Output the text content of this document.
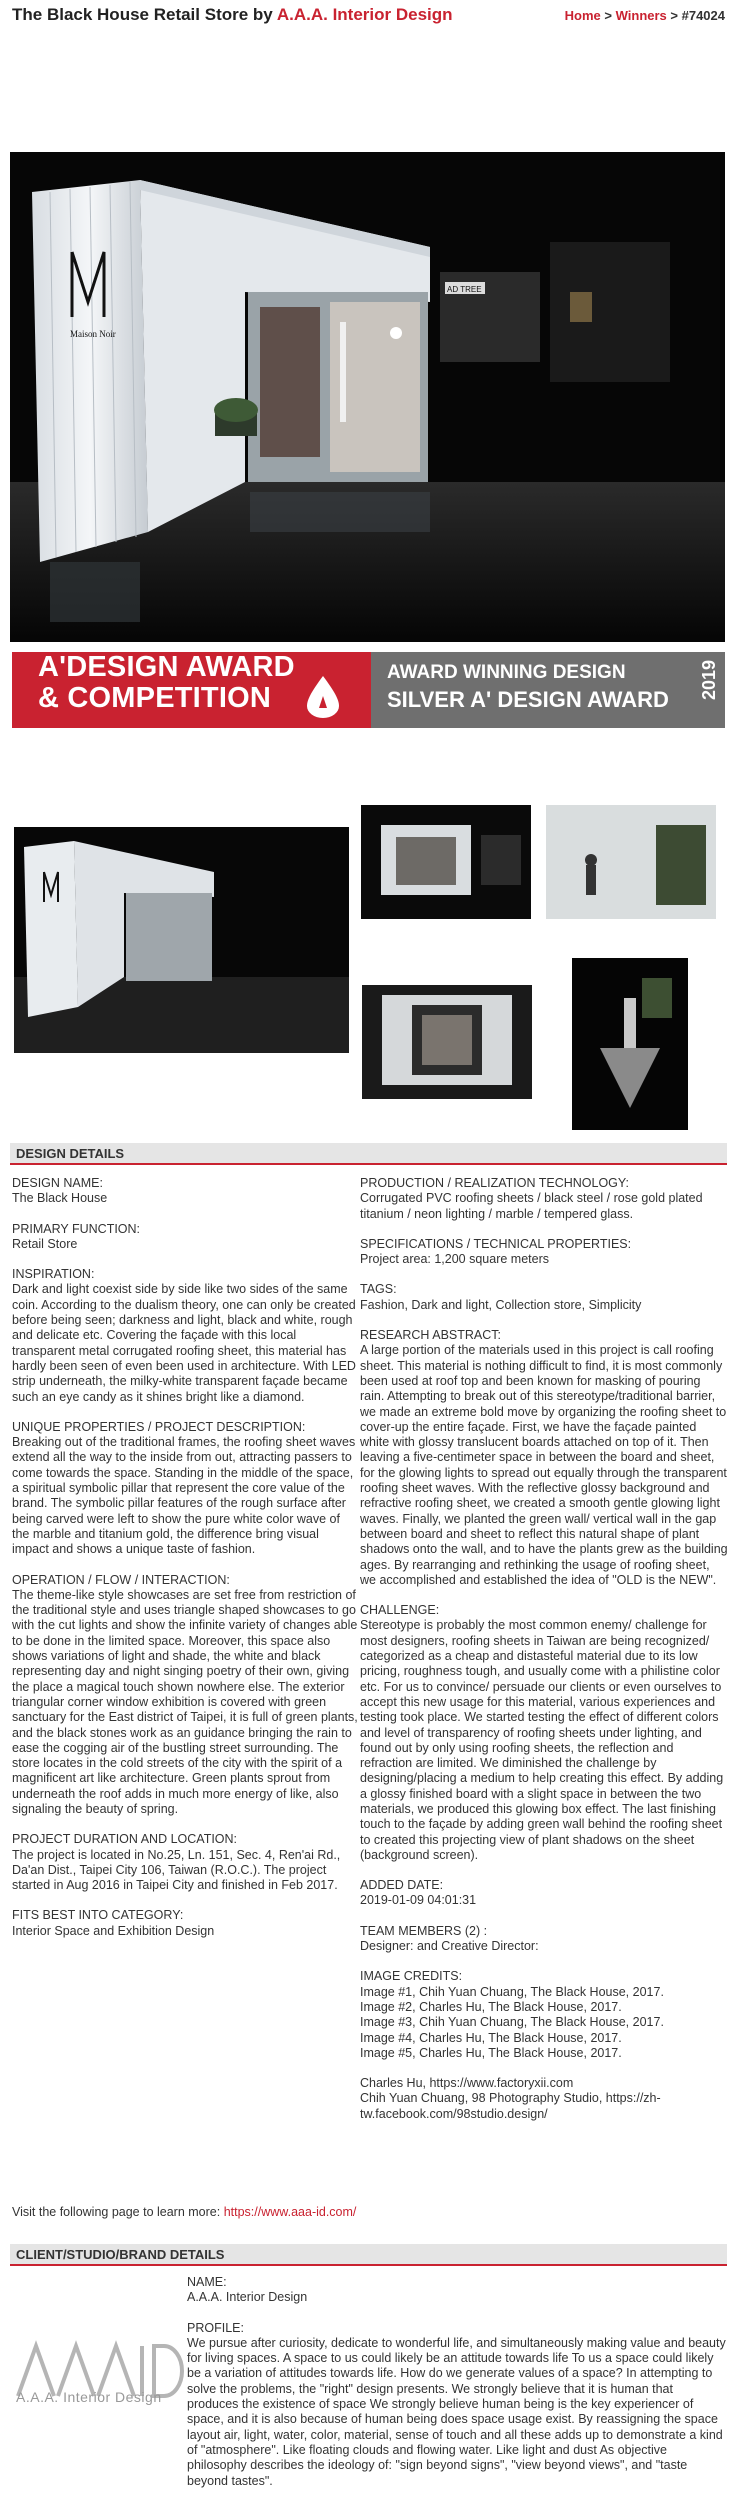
The Black House Retail Store by A.A.A. Interior Design	Home > Winners > #74024
Maison Noir
AD TREE
A'DESIGN AWARD
& COMPETITION
AWARD WINNING DESIGN
SILVER A' DESIGN AWARD 2019
DESIGN DETAILS

DESIGN NAME:
The Black House

PRIMARY FUNCTION:
Retail Store

INSPIRATION:
Dark and light coexist side by side like two sides of the same coin. According to the dualism theory, one can only be created before being seen; darkness and light, black and white, rough and delicate etc. Covering the façade with this local transparent metal corrugated roofing sheet, this material has hardly been seen of even been used in architecture. With LED strip underneath, the milky-white transparent façade became such an eye candy as it shines bright like a diamond.

UNIQUE PROPERTIES / PROJECT DESCRIPTION:
Breaking out of the traditional frames, the roofing sheet waves extend all the way to the inside from out, attracting passers to come towards the space. Standing in the middle of the space, a spiritual symbolic pillar that represent the core value of the brand. The symbolic pillar features of the rough surface after being carved were left to show the pure white color wave of the marble and titanium gold, the difference bring visual impact and shows a unique taste of fashion.

OPERATION / FLOW / INTERACTION:
The theme-like style showcases are set free from restriction of the traditional style and uses triangle shaped showcases to go with the cut lights and show the infinite variety of changes able to be done in the limited space. Moreover, this space also shows variations of light and shade, the white and black representing day and night singing poetry of their own, giving the place a magical touch shown nowhere else. The exterior triangular corner window exhibition is covered with green sanctuary for the East district of Taipei, it is full of green plants, and the black stones work as an guidance bringing the rain to ease the cogging air of the bustling street surrounding. The store locates in the cold streets of the city with the spirit of a magnificent art like architecture. Green plants sprout from underneath the roof adds in much more energy of like, also signaling the beauty of spring.

PROJECT DURATION AND LOCATION:
The project is located in No.25, Ln. 151, Sec. 4, Ren'ai Rd., Da'an Dist., Taipei City 106, Taiwan (R.O.C.). The project started in Aug 2016 in Taipei City and finished in Feb 2017.

FITS BEST INTO CATEGORY:
Interior Space and Exhibition Design

PRODUCTION / REALIZATION TECHNOLOGY:
Corrugated PVC roofing sheets / black steel / rose gold plated titanium / neon lighting / marble / tempered glass.

SPECIFICATIONS / TECHNICAL PROPERTIES:
Project area: 1,200 square meters

TAGS:
Fashion, Dark and light, Collection store, Simplicity

RESEARCH ABSTRACT:
A large portion of the materials used in this project is call roofing sheet. This material is nothing difficult to find, it is most commonly been used at roof top and been known for masking of pouring rain. Attempting to break out of this stereotype/traditional barrier, we made an extreme bold move by organizing the roofing sheet to cover-up the entire façade. First, we have the façade painted white with glossy translucent boards attached on top of it. Then leaving a five-centimeter space in between the board and sheet, for the glowing lights to spread out equally through the transparent roofing sheet waves. With the reflective glossy background and refractive roofing sheet, we created a smooth gentle glowing light waves. Finally, we planted the green wall/ vertical wall in the gap between board and sheet to reflect this natural shape of plant shadows onto the wall, and to have the plants grew as the building ages. By rearranging and rethinking the usage of roofing sheet, we accomplished and established the idea of "OLD is the NEW".

CHALLENGE:
Stereotype is probably the most common enemy/ challenge for most designers, roofing sheets in Taiwan are being recognized/ categorized as a cheap and distasteful material due to its low pricing, roughness tough, and usually come with a philistine color etc. For us to convince/ persuade our clients or even ourselves to accept this new usage for this material, various experiences and testing took place. We started testing the effect of different colors and level of transparency of roofing sheets under lighting, and found out by only using roofing sheets, the reflection and refraction are limited. We diminished the challenge by designing/placing a medium to help creating this effect. By adding a glossy finished board with a slight space in between the two materials, we produced this glowing box effect. The last finishing touch to the façade by adding green wall behind the roofing sheet to created this projecting view of plant shadows on the sheet (background screen).

ADDED DATE:
2019-01-09 04:01:31

TEAM MEMBERS (2) :
Designer: and Creative Director:

IMAGE CREDITS:
Image #1, Chih Yuan Chuang, The Black House, 2017.
Image #2, Charles Hu, The Black House, 2017.
Image #3, Chih Yuan Chuang, The Black House, 2017.
Image #4, Charles Hu, The Black House, 2017.
Image #5, Charles Hu, The Black House, 2017.

Charles Hu, https://www.factoryxii.com
Chih Yuan Chuang, 98 Photography Studio, https://zh-tw.facebook.com/98studio.design/

Visit the following page to learn more: https://www.aaa-id.com/
CLIENT/STUDIO/BRAND DETAILS
A.A.A. Interior Design

NAME:
A.A.A. Interior Design

PROFILE:
We pursue after curiosity, dedicate to wonderful life, and simultaneously making value and beauty for living spaces. A space to us could likely be an attitude towards life To us a space could likely be a variation of attitudes towards life. How do we generate values of a space? In attempting to solve the problems, the "right" design presents. We strongly believe that it is human that produces the existence of space We strongly believe human being is the key experiencer of space, and it is also because of human being does space usage exist. By reassigning the space layout air, light, water, color, material, sense of touch and all these adds up to demonstrate a kind of "atmosphere". Like floating clouds and flowing water. Like light and dust As objective philosophy describes the ideology of: "sign beyond signs", "view beyond views", and "taste beyond tastes".
